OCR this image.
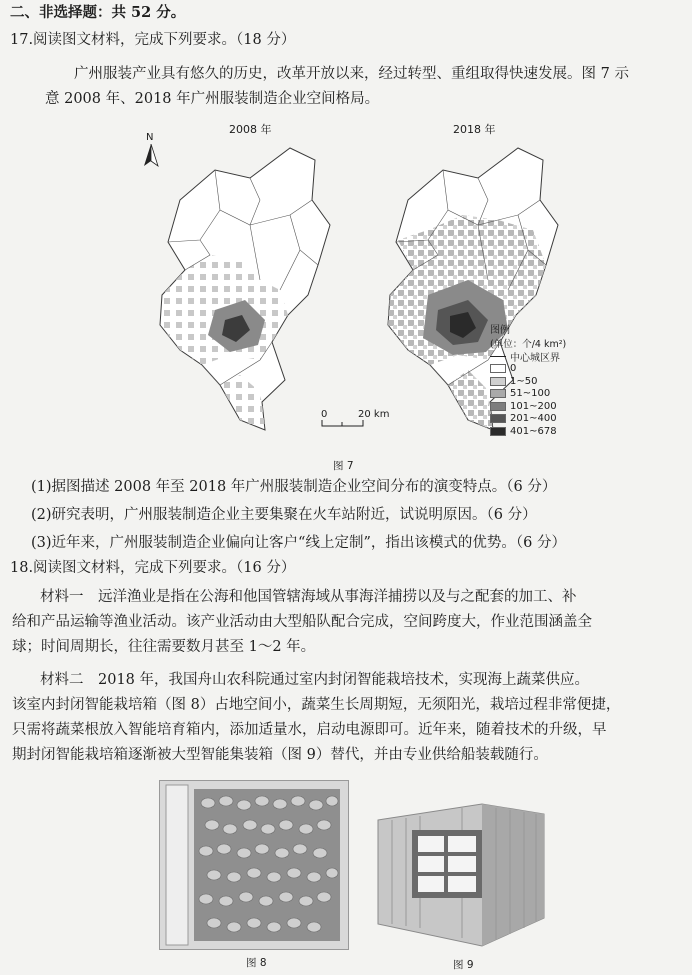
二、非选择题：共 52 分。
17.阅读图文材料，完成下列要求。（18 分）
广州服装产业具有悠久的历史，改革开放以来，经过转型、重组取得快速发展。图 7 示
意 2008 年、2018 年广州服装制造企业空间格局。
2008 年	2018 年
N
图例
(单位：个/4 km²)
中心城区界
0
1~50
51~100
101~200
201~400
401~678
0	20 km
图 7
(1)据图描述 2008 年至 2018 年广州服装制造企业空间分布的演变特点。（6 分）
(2)研究表明，广州服装制造企业主要集聚在火车站附近，试说明原因。（6 分）
(3)近年来，广州服装制造企业偏向让客户“线上定制”，指出该模式的优势。（6 分）
18.阅读图文材料，完成下列要求。（16 分）
材料一　远洋渔业是指在公海和他国管辖海域从事海洋捕捞以及与之配套的加工、补
给和产品运输等渔业活动。该产业活动由大型船队配合完成，空间跨度大，作业范围涵盖全
球；时间周期长，往往需要数月甚至 1～2 年。
材料二　2018 年，我国舟山农科院通过室内封闭智能栽培技术，实现海上蔬菜供应。
该室内封闭智能栽培箱（图 8）占地空间小，蔬菜生长周期短，无须阳光，栽培过程非常便捷，
只需将蔬菜根放入智能培育箱内，添加适量水，启动电源即可。近年来，随着技术的升级，早
期封闭智能栽培箱逐渐被大型智能集装箱（图 9）替代，并由专业供给船装载随行。
图 8	图 9
